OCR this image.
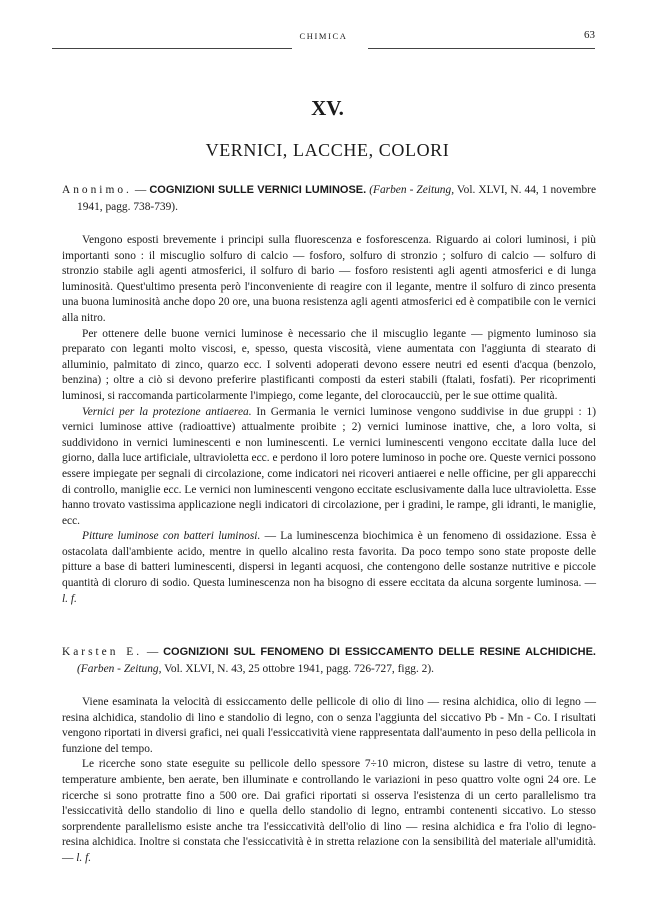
CHIMICA	63
XV.
VERNICI, LACCHE, COLORI

Anonimo. — COGNIZIONI SULLE VERNICI LUMINOSE. (Farben - Zeitung, Vol. XLVI, N. 44, 1 novembre 1941, pagg. 738-739).

Vengono esposti brevemente i principi sulla fluorescenza e fosforescenza. Riguardo ai colori luminosi, i più importanti sono : il miscuglio solfuro di calcio — fosforo, solfuro di stronzio ; solfuro di calcio — solfuro di stronzio stabile agli agenti atmosferici, il solfuro di bario — fosforo resistenti agli agenti atmosferici e di lunga luminosità. Quest'ultimo presenta però l'inconveniente di reagire con il legante, mentre il solfuro di zinco presenta una buona luminosità anche dopo 20 ore, una buona resistenza agli agenti atmosferici ed è compatibile con le vernici alla nitro.

Per ottenere delle buone vernici luminose è necessario che il miscuglio legante — pigmento luminoso sia preparato con leganti molto viscosi, e, spesso, questa viscosità, viene aumentata con l'aggiunta di stearato di alluminio, palmitato di zinco, quarzo ecc. I solventi adoperati devono essere neutri ed esenti d'acqua (benzolo, benzina) ; oltre a ciò si devono preferire plastificanti composti da esteri stabili (ftalati, fosfati). Per ricoprimenti luminosi, si raccomanda particolarmente l'impiego, come legante, del clorocaucciù, per le sue ottime qualità.

Vernici per la protezione antiaerea. In Germania le vernici luminose vengono suddivise in due gruppi : 1) vernici luminose attive (radioattive) attualmente proibite ; 2) vernici luminose inattive, che, a loro volta, si suddividono in vernici luminescenti e non luminescenti. Le vernici luminescenti vengono eccitate dalla luce del giorno, dalla luce artificiale, ultravioletta ecc. e perdono il loro potere luminoso in poche ore. Queste vernici possono essere impiegate per segnali di circolazione, come indicatori nei ricoveri antiaerei e nelle officine, per gli apparecchi di controllo, maniglie ecc. Le vernici non luminescenti vengono eccitate esclusivamente dalla luce ultravioletta. Esse hanno trovato vastissima applicazione negli indicatori di circolazione, per i gradini, le rampe, gli idranti, le maniglie, ecc.

Pitture luminose con batteri luminosi. — La luminescenza biochimica è un fenomeno di ossidazione. Essa è ostacolata dall'ambiente acido, mentre in quello alcalino resta favorita. Da poco tempo sono state proposte delle pitture a base di batteri luminescenti, dispersi in leganti acquosi, che contengono delle sostanze nutritive e piccole quantità di cloruro di sodio. Questa luminescenza non ha bisogno di essere eccitata da alcuna sorgente luminosa. — l. f.

Karsten E. — COGNIZIONI SUL FENOMENO DI ESSICCAMENTO DELLE RESINE ALCHIDICHE. (Farben - Zeitung, Vol. XLVI, N. 43, 25 ottobre 1941, pagg. 726-727, figg. 2).

Viene esaminata la velocità di essiccamento delle pellicole di olio di lino — resina alchidica, olio di legno — resina alchidica, standolio di lino e standolio di legno, con o senza l'aggiunta del siccativo Pb - Mn - Co. I risultati vengono riportati in diversi grafici, nei quali l'essiccatività viene rappresentata dall'aumento in peso della pellicola in funzione del tempo.

Le ricerche sono state eseguite su pellicole dello spessore 7÷10 micron, distese su lastre di vetro, tenute a temperature ambiente, ben aerate, ben illuminate e controllando le variazioni in peso quattro volte ogni 24 ore. Le ricerche si sono protratte fino a 500 ore. Dai grafici riportati si osserva l'esistenza di un certo parallelismo tra l'essiccatività dello standolio di lino e quella dello standolio di legno, entrambi contenenti siccativo. Lo stesso sorprendente parallelismo esiste anche tra l'essiccatività dell'olio di lino — resina alchidica e fra l'olio di legno-resina alchidica. Inoltre si constata che l'essiccatività è in stretta relazione con la sensibilità del materiale all'umidità. — l. f.
